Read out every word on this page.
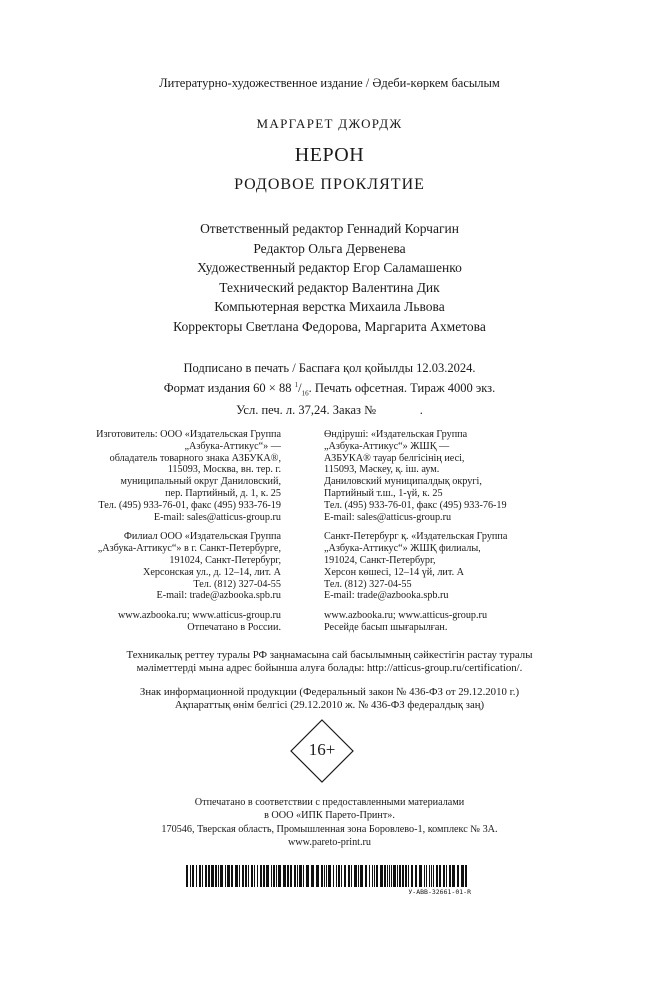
Литературно-художественное издание / Әдеби-көркем басылым
МАРГАРЕТ ДЖОРДЖ
НЕРОН
РОДОВОЕ ПРОКЛЯТИЕ
Ответственный редактор Геннадий Корчагин
Редактор Ольга Дервенева
Художественный редактор Егор Саламашенко
Технический редактор Валентина Дик
Компьютерная верстка Михаила Львова
Корректоры Светлана Федорова, Маргарита Ахметова
Подписано в печать / Баспаға қол қойылды 12.03.2024.
Формат издания 60 × 88 $^1/_{16}$. Печать офсетная. Тираж 4000 экз.
Усл. печ. л. 37,24. Заказ №              .
Изготовитель: ООО «Издательская Группа
„Азбука-Аттикус“» —
обладатель товарного знака АЗБУКА®,
115093, Москва, вн. тер. г.
муниципальный округ Даниловский,
пер. Партийный, д. 1, к. 25
Тел. (495) 933-76-01, факс (495) 933-76-19
E-mail: sales@atticus-group.ru
Филиал ООО «Издательская Группа
„Азбука-Аттикус“» в г. Санкт-Петербурге,
191024, Санкт-Петербург,
Херсонская ул., д. 12–14, лит. А
Тел. (812) 327-04-55
E-mail: trade@azbooka.spb.ru
www.azbooka.ru; www.atticus-group.ru
Отпечатано в России.
Өндіруші: «Издательская Группа
„Азбука-Аттикус“» ЖШҚ —
АЗБУКА® тауар белгісінің иесі,
115093, Мәскеу, қ. іш. аум.
Даниловский муниципалдық округі,
Партийный т.ш., 1-үй, к. 25
Тел. (495) 933-76-01, факс (495) 933-76-19
E-mail: sales@atticus-group.ru
Санкт-Петербург қ. «Издательская Группа
„Азбука-Аттикус“» ЖШҚ филиалы,
191024, Санкт-Петербург,
Херсон көшесі, 12–14 үй, лит. А
Тел. (812) 327-04-55
E-mail: trade@azbooka.spb.ru
www.azbooka.ru; www.atticus-group.ru
Ресейде басып шығарылған.
Техникалық реттеу туралы РФ заңнамасына сай басылымның сәйкестігін растау туралы
мәліметтерді мына адрес бойынша алуға болады: http://atticus-group.ru/certification/.
Знак информационной продукции (Федеральный закон № 436-ФЗ от 29.12.2010 г.)
Ақпараттық өнім белгісі (29.12.2010 ж. № 436-ФЗ федералдық заң)
16+
Отпечатано в соответствии с предоставленными материалами
в ООО «ИПК Парето-Принт».
170546, Тверская область, Промышленная зона Боровлево-1, комплекс № 3А.
www.pareto-print.ru
У-АВВ-32661-01-R
